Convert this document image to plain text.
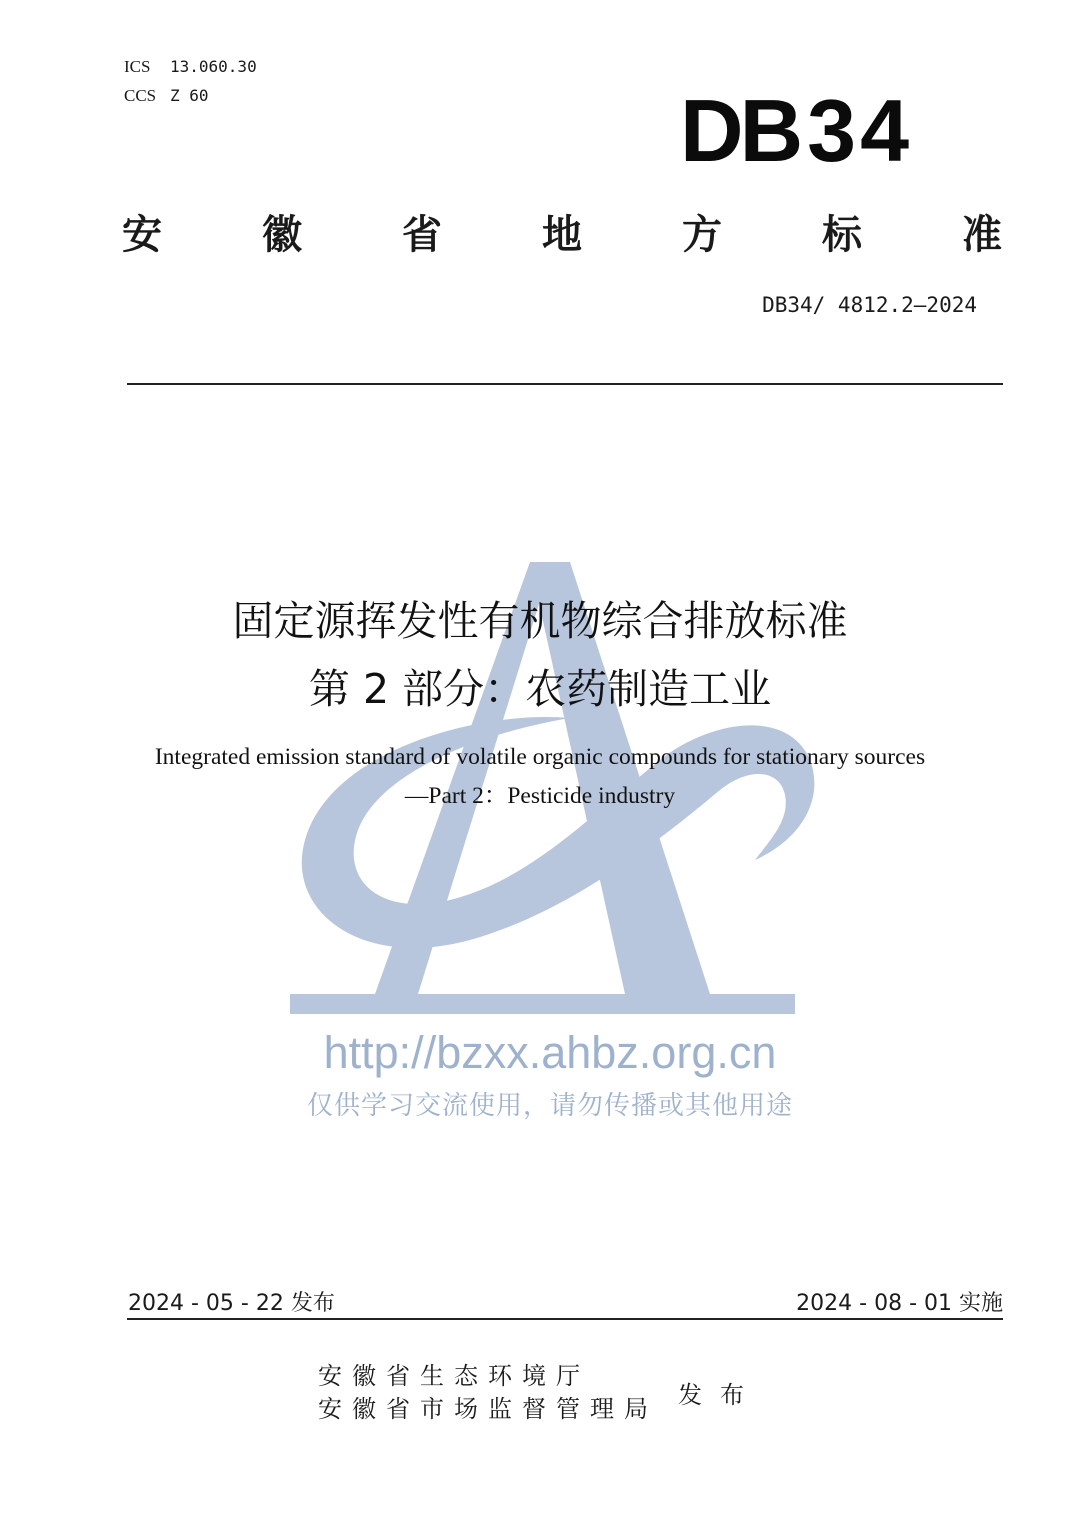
ICS 13.060.30
CCS Z 60	DB34
安	徽	省	地	方	标	准
DB34/ 4812.2—2024
http://bzxx.ahbz.org.cn
仅供学习交流使用，请勿传播或其他用途
固定源挥发性有机物综合排放标准
第 2 部分：农药制造工业
Integrated emission standard of volatile organic compounds for stationary sources
—Part 2：Pesticide industry
2024 - 05 - 22 发布	2024 - 08 - 01 实施
安徽省生态环境厅
安徽省市场监督管理局 发布
